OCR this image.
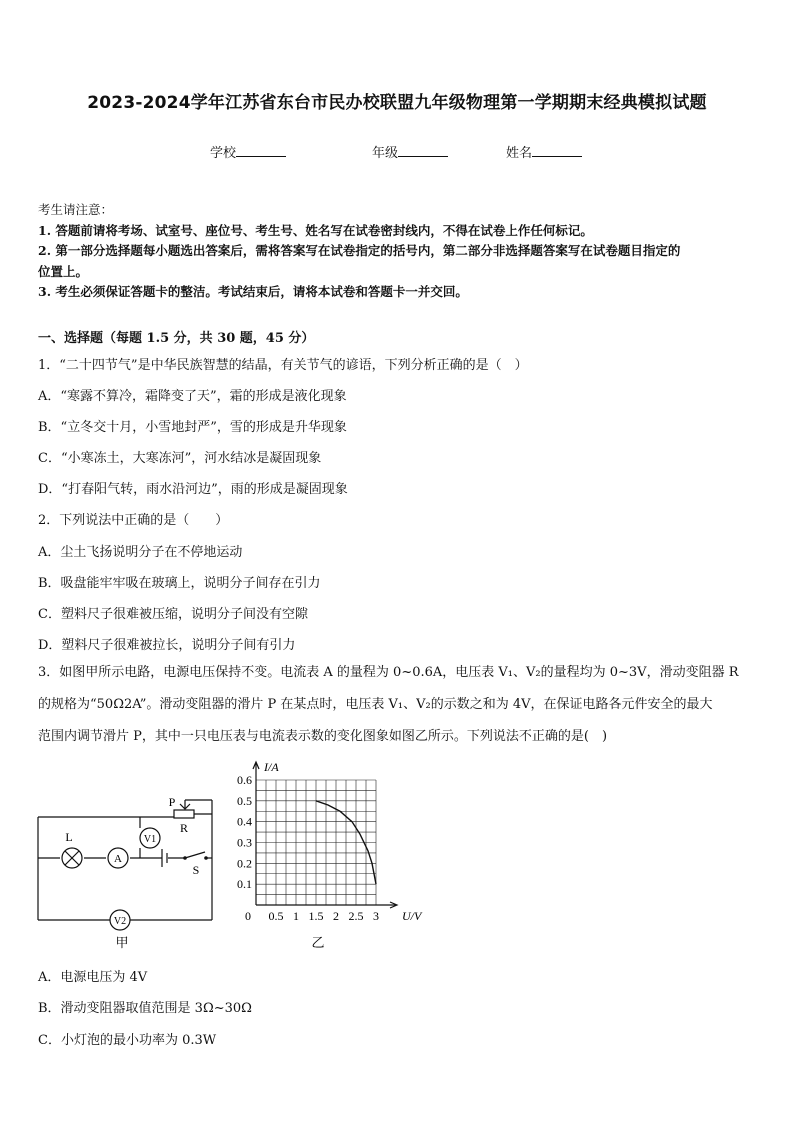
2023-2024学年江苏省东台市民办校联盟九年级物理第一学期期末经典模拟试题
学校	年级	姓名
考生请注意：
1. 答题前请将考场、试室号、座位号、考生号、姓名写在试卷密封线内，不得在试卷上作任何标记。
2. 第一部分选择题每小题选出答案后，需将答案写在试卷指定的括号内，第二部分非选择题答案写在试卷题目指定的
位置上。
3. 考生必须保证答题卡的整洁。考试结束后，请将本试卷和答题卡一并交回。
一、选择题（每题 1.5 分，共 30 题，45 分）
1．“二十四节气”是中华民族智慧的结晶，有关节气的谚语，下列分析正确的是（　）
A．“寒露不算冷，霜降变了天”，霜的形成是液化现象
B．“立冬交十月，小雪地封严”，雪的形成是升华现象
C．“小寒冻土，大寒冻河”，河水结冰是凝固现象
D．“打春阳气转，雨水沿河边”，雨的形成是凝固现象
2．下列说法中正确的是（　　）
A．尘土飞扬说明分子在不停地运动
B．吸盘能牢牢吸在玻璃上，说明分子间存在引力
C．塑料尺子很难被压缩，说明分子间没有空隙
D．塑料尺子很难被拉长，说明分子间有引力
3．如图甲所示电路，电源电压保持不变。电流表 A 的量程为 0~0.6A，电压表 V₁、V₂的量程均为 0~3V，滑动变阻器 R
的规格为“50Ω2A”。滑动变阻器的滑片 P 在某点时，电压表 V₁、V₂的示数之和为 4V，在保证电路各元件安全的最大
范围内调节滑片 P，其中一只电压表与电流表示数的变化图象如图乙所示。下列说法不正确的是(　)
A
V1
V2
L
S
P
R
甲
0.5 1 1.5 2 2.5 3
0.1
0.2
0.3
0.4
0.5
0.6
U/V
I/A
0
乙
A．电源电压为 4V
B．滑动变阻器取值范围是 3Ω~30Ω
C．小灯泡的最小功率为 0.3W
